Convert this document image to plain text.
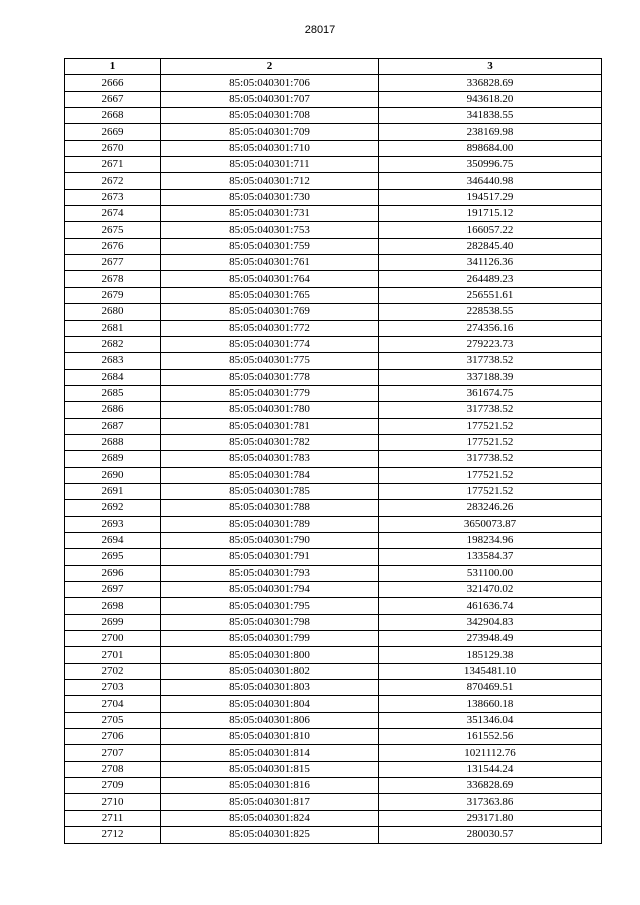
28017
1	2	3
2666	85:05:040301:706	336828.69
2667	85:05:040301:707	943618.20
2668	85:05:040301:708	341838.55
2669	85:05:040301:709	238169.98
2670	85:05:040301:710	898684.00
2671	85:05:040301:711	350996.75
2672	85:05:040301:712	346440.98
2673	85:05:040301:730	194517.29
2674	85:05:040301:731	191715.12
2675	85:05:040301:753	166057.22
2676	85:05:040301:759	282845.40
2677	85:05:040301:761	341126.36
2678	85:05:040301:764	264489.23
2679	85:05:040301:765	256551.61
2680	85:05:040301:769	228538.55
2681	85:05:040301:772	274356.16
2682	85:05:040301:774	279223.73
2683	85:05:040301:775	317738.52
2684	85:05:040301:778	337188.39
2685	85:05:040301:779	361674.75
2686	85:05:040301:780	317738.52
2687	85:05:040301:781	177521.52
2688	85:05:040301:782	177521.52
2689	85:05:040301:783	317738.52
2690	85:05:040301:784	177521.52
2691	85:05:040301:785	177521.52
2692	85:05:040301:788	283246.26
2693	85:05:040301:789	3650073.87
2694	85:05:040301:790	198234.96
2695	85:05:040301:791	133584.37
2696	85:05:040301:793	531100.00
2697	85:05:040301:794	321470.02
2698	85:05:040301:795	461636.74
2699	85:05:040301:798	342904.83
2700	85:05:040301:799	273948.49
2701	85:05:040301:800	185129.38
2702	85:05:040301:802	1345481.10
2703	85:05:040301:803	870469.51
2704	85:05:040301:804	138660.18
2705	85:05:040301:806	351346.04
2706	85:05:040301:810	161552.56
2707	85:05:040301:814	1021112.76
2708	85:05:040301:815	131544.24
2709	85:05:040301:816	336828.69
2710	85:05:040301:817	317363.86
2711	85:05:040301:824	293171.80
2712	85:05:040301:825	280030.57
